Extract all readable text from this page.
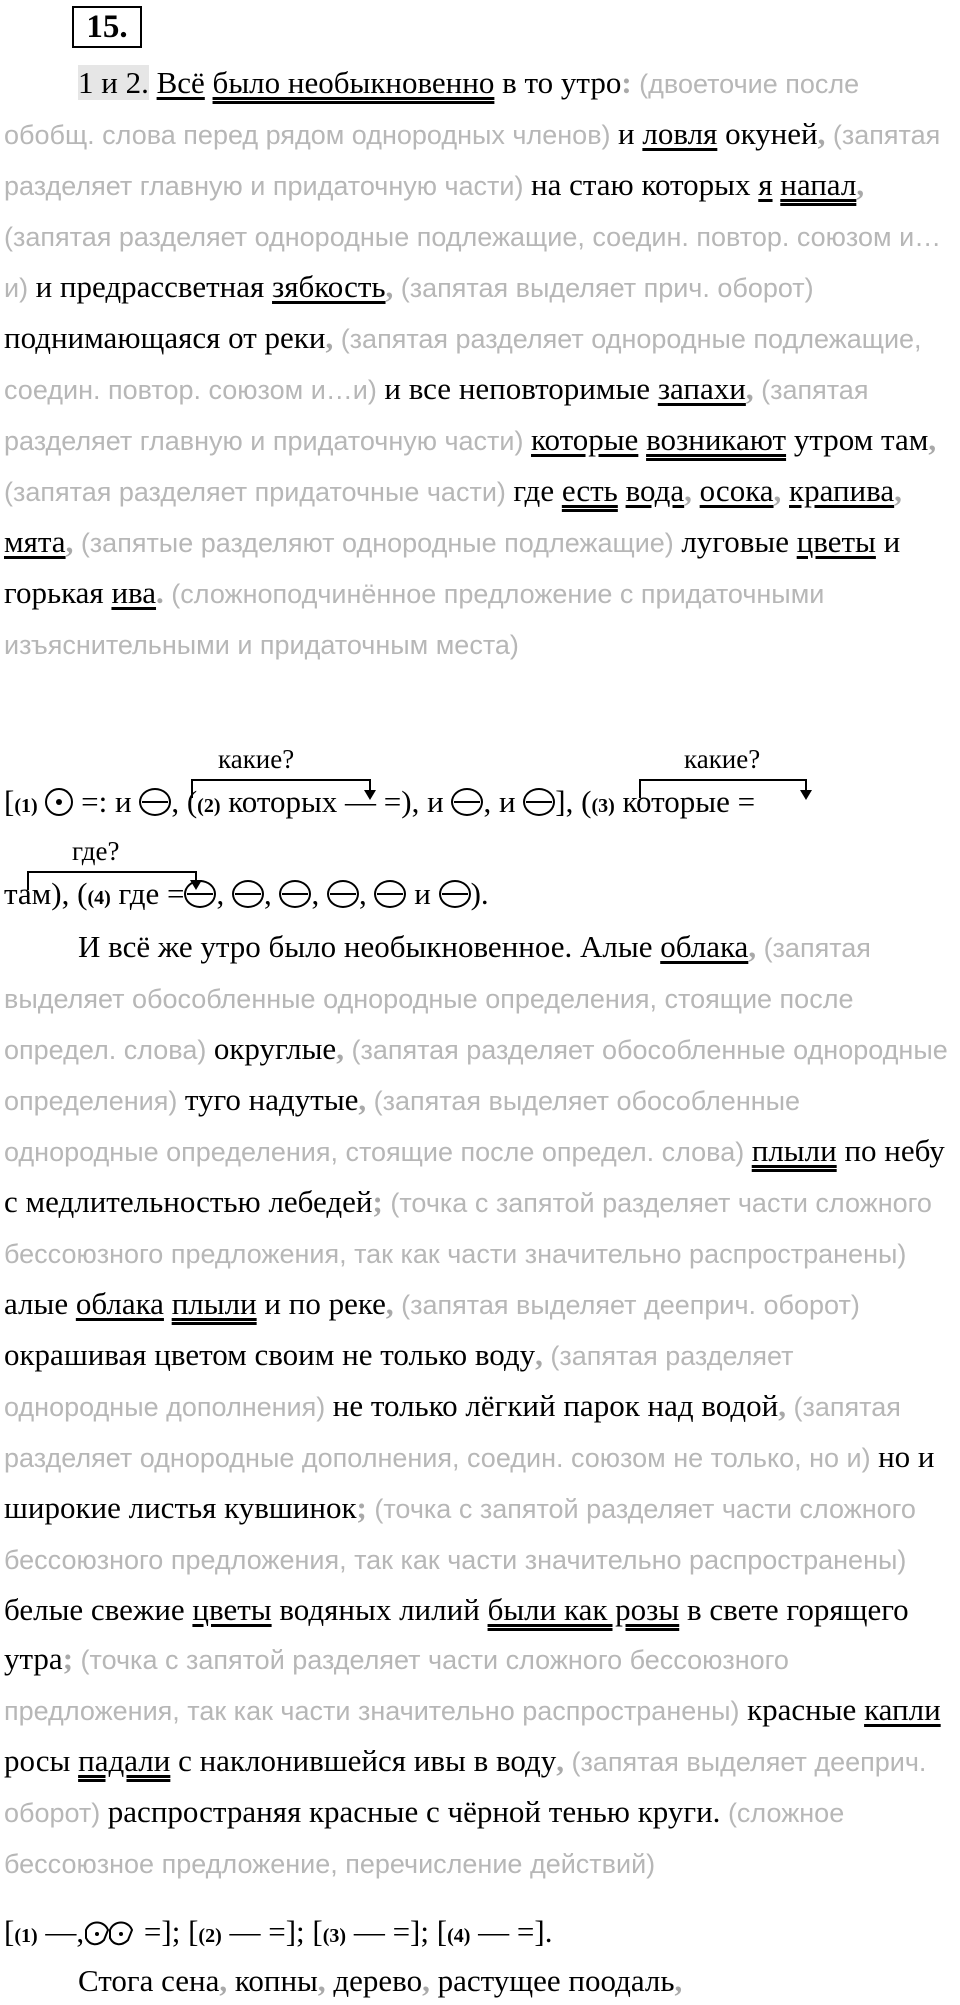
15.
1 и 2. Всё было необыкновенно в то утро: (двоеточие после обобщ. слова перед рядом однородных членов) и ловля окуней, (запятая разделяет главную и придаточную части) на стаю которых я напал, (запятая разделяет однородные подлежащие, соедин. повтор. союзом и…и) и предрассветная зябкость, (запятая выделяет прич. оборот) поднимающаяся от реки, (запятая разделяет однородные подлежащие, соедин. повтор. союзом и…и) и все неповторимые запахи, (запятая разделяет главную и придаточную части) которые возникают утром там, (запятая разделяет придаточные части) где есть вода, осока, крапива, мята, (запятые разделяют однородные подлежащие) луговые цветы и горькая ива. (сложноподчинённое предложение с придаточными изъяснительными и придаточным места)
какие?	какие?
[(1)
=: и , ((2) которых — =), и , и ], ((3) которые =
где?
там), ((4) где = , , , ,  и ).
И всё же утро было необыкновенное. Алые облака, (запятая выделяет обособленные однородные определения, стоящие после определ. слова) округлые, (запятая разделяет обособленные однородные определения) туго надутые, (запятая выделяет обособленные однородные определения, стоящие после определ. слова) плыли по небу с медлительностью лебедей; (точка с запятой разделяет части сложного бессоюзного предложения, так как части значительно распространены) алые облака плыли и по реке, (запятая выделяет дееприч. оборот) окрашивая цветом своим не только воду, (запятая разделяет однородные дополнения) не только лёгкий парок над водой, (запятая разделяет однородные дополнения, соедин. союзом не только, но и) но и широкие листья кувшинок; (точка с запятой разделяет части сложного бессоюзного предложения, так как части значительно распространены) белые свежие цветы водяных лилий были как розы в свете горящего утра; (точка с запятой разделяет части сложного бессоюзного предложения, так как части значительно распространены) красные капли росы падали с наклонившейся ивы в воду, (запятая выделяет дееприч. оборот) распространяя красные с чёрной тенью круги. (сложное бессоюзное предложение, перечисление действий)
[(1) —, =]; [(2) — =]; [(3) — =]; [(4) — =].
Стога сена, копны, дерево, растущее поодаль,
